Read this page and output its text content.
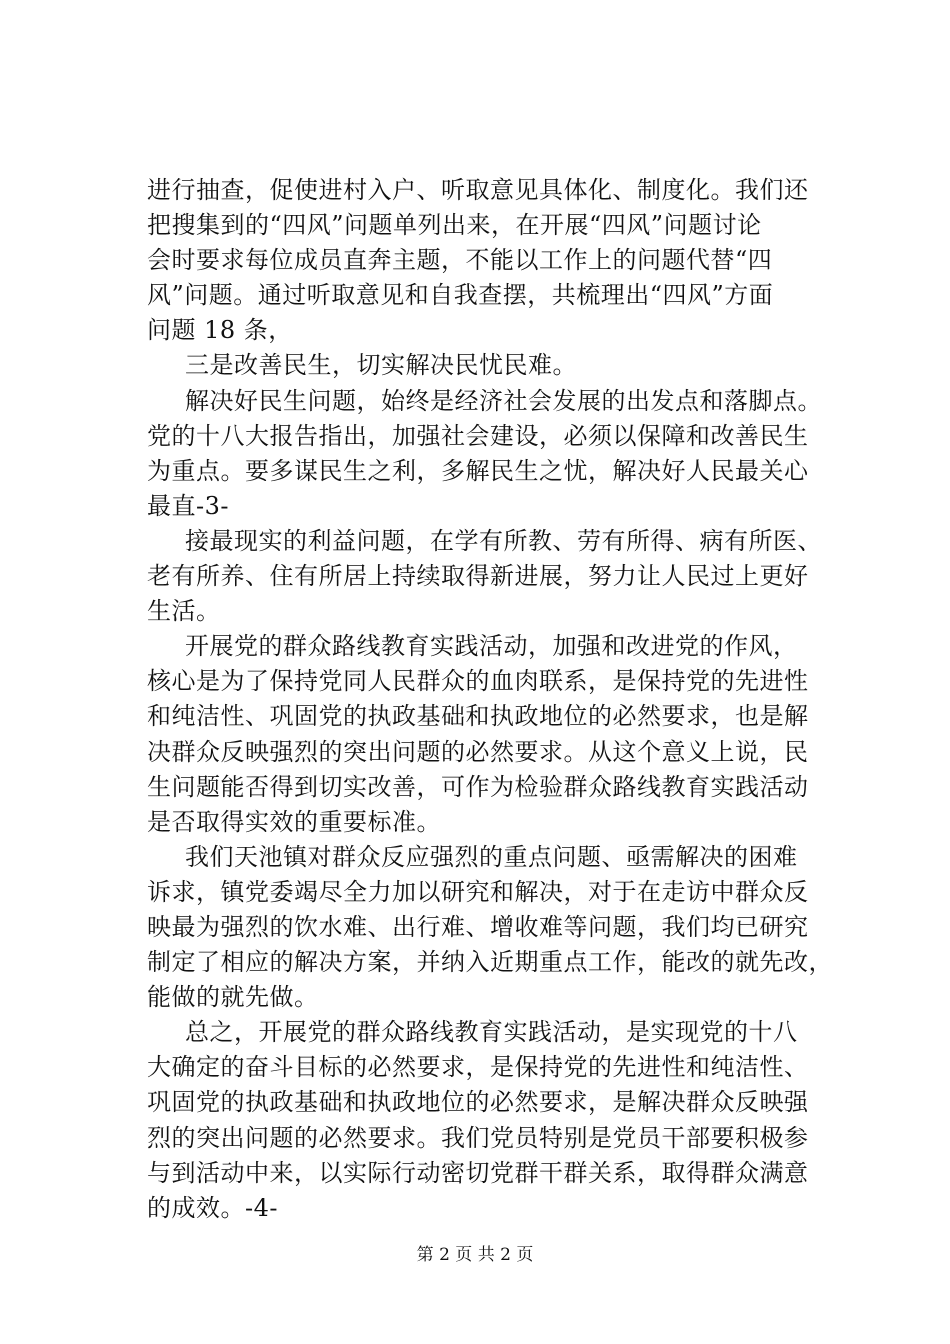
进行抽查，促使进村入户、听取意见具体化、制度化。我们还
把搜集到的“四风”问题单列出来，在开展“四风”问题讨论
会时要求每位成员直奔主题，不能以工作上的问题代替“四
风”问题。通过听取意见和自我查摆，共梳理出“四风”方面
问题 18 条，
三是改善民生，切实解决民忧民难。
解决好民生问题，始终是经济社会发展的出发点和落脚点。
党的十八大报告指出，加强社会建设，必须以保障和改善民生
为重点。要多谋民生之利，多解民生之忧，解决好人民最关心
最直-3-
接最现实的利益问题，在学有所教、劳有所得、病有所医、
老有所养、住有所居上持续取得新进展，努力让人民过上更好
生活。
开展党的群众路线教育实践活动，加强和改进党的作风，
核心是为了保持党同人民群众的血肉联系，是保持党的先进性
和纯洁性、巩固党的执政基础和执政地位的必然要求，也是解
决群众反映强烈的突出问题的必然要求。从这个意义上说，民
生问题能否得到切实改善，可作为检验群众路线教育实践活动
是否取得实效的重要标准。
我们天池镇对群众反应强烈的重点问题、亟需解决的困难
诉求，镇党委竭尽全力加以研究和解决，对于在走访中群众反
映最为强烈的饮水难、出行难、增收难等问题，我们均已研究
制定了相应的解决方案，并纳入近期重点工作，能改的就先改，
能做的就先做。
总之，开展党的群众路线教育实践活动，是实现党的十八
大确定的奋斗目标的必然要求，是保持党的先进性和纯洁性、
巩固党的执政基础和执政地位的必然要求，是解决群众反映强
烈的突出问题的必然要求。我们党员特别是党员干部要积极参
与到活动中来，以实际行动密切党群干群关系，取得群众满意
的成效。-4-
第 2 页 共 2 页
